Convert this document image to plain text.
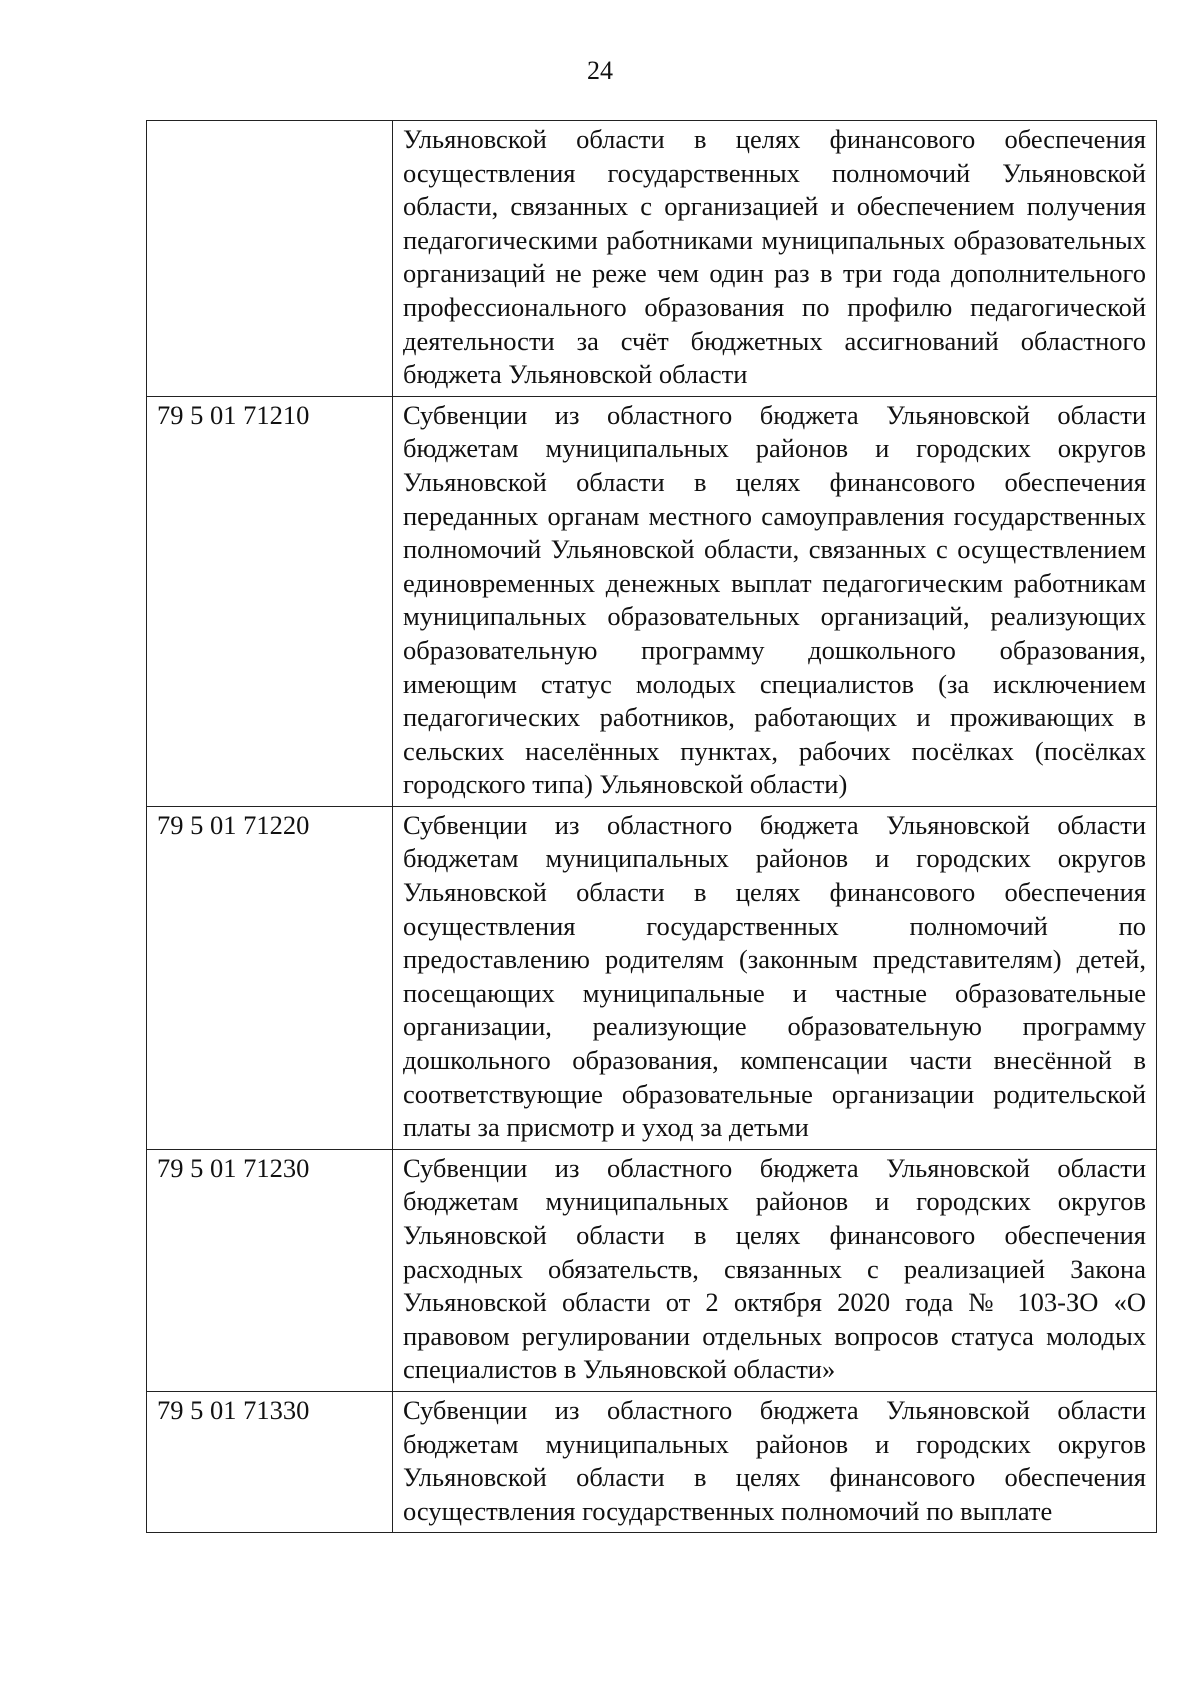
24
	Ульяновской области в целях финансового обеспечения осуществления государственных полномочий Ульяновской области, связанных с организацией и обеспечением получения педагогическими работниками муниципальных образовательных организаций не реже чем один раз в три года дополнительного профессионального образования по профилю педагогической деятельности за счёт бюджетных ассигнований областного бюджета Ульяновской области
79 5 01 71210	Субвенции из областного бюджета Ульяновской области бюджетам муниципальных районов и городских округов Ульяновской области в целях финансового обеспечения переданных органам местного самоуправления государственных полномочий Ульяновской области, связанных с осуществлением единовременных денежных выплат педагогическим работникам муниципальных образовательных организаций, реализующих образовательную программу дошкольного образования, имеющим статус молодых специалистов (за исключением педагогических работников, работающих и проживающих в сельских населённых пунктах, рабочих посёлках (посёлках городского типа) Ульяновской области)
79 5 01 71220	Субвенции из областного бюджета Ульяновской области бюджетам муниципальных районов и городских округов Ульяновской области в целях финансового обеспечения осуществления государственных полномочий по предоставлению родителям (законным представителям) детей, посещающих муниципальные и частные образовательные организации, реализующие образовательную программу дошкольного образования, компенсации части внесённой в соответствующие образовательные организации родительской платы за присмотр и уход за детьми
79 5 01 71230	Субвенции из областного бюджета Ульяновской области бюджетам муниципальных районов и городских округов Ульяновской области в целях финансового обеспечения расходных обязательств, связанных с реализацией Закона Ульяновской области от 2 октября 2020 года № 103-ЗО «О правовом регулировании отдельных вопросов статуса молодых специалистов в Ульяновской области»
79 5 01 71330	Субвенции из областного бюджета Ульяновской области бюджетам муниципальных районов и городских округов Ульяновской области в целях финансового обеспечения осуществления государственных полномочий по выплате
